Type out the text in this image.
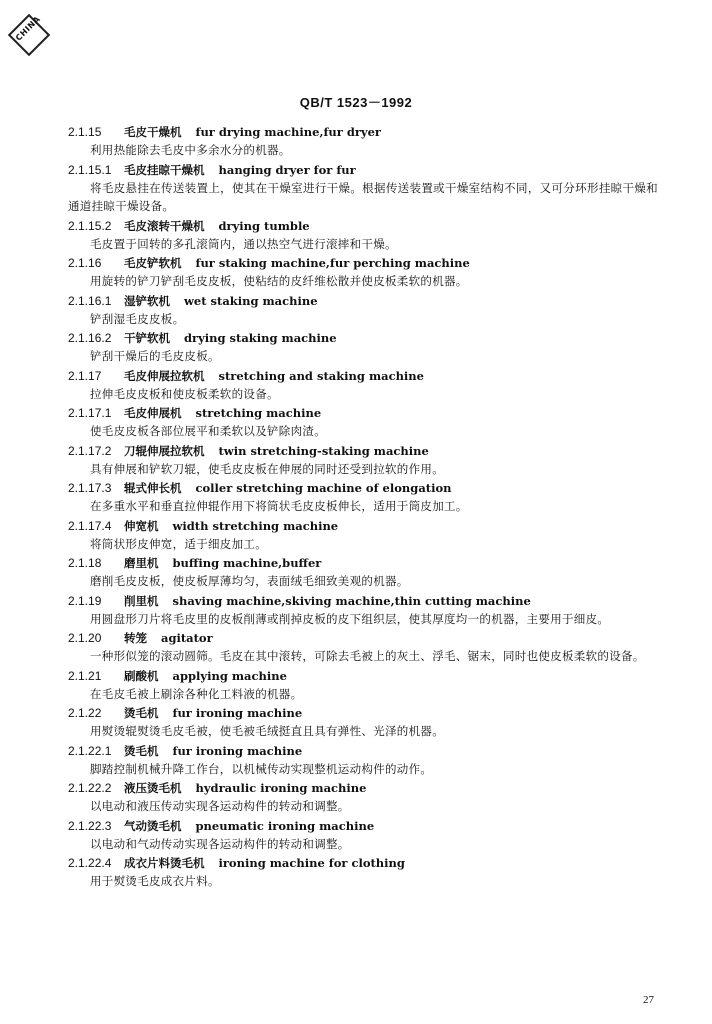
CHINA
QB/T 1523－1992
2.1.15 毛皮干燥机 fur drying machine,fur dryer
利用热能除去毛皮中多余水分的机器。
2.1.15.1 毛皮挂晾干燥机 hanging dryer for fur
将毛皮悬挂在传送装置上，使其在干燥室进行干燥。根据传送装置或干燥室结构不同，又可分环形挂晾干燥和通道挂晾干燥设备。
2.1.15.2 毛皮滚转干燥机 drying tumble
毛皮置于回转的多孔滚筒内，通以热空气进行滚摔和干燥。
2.1.16 毛皮铲软机 fur staking machine,fur perching machine
用旋转的铲刀铲刮毛皮皮板，使粘结的皮纤维松散并使皮板柔软的机器。
2.1.16.1 湿铲软机 wet staking machine
铲刮湿毛皮皮板。
2.1.16.2 干铲软机 drying staking machine
铲刮干燥后的毛皮皮板。
2.1.17 毛皮伸展拉软机 stretching and staking machine
拉伸毛皮皮板和使皮板柔软的设备。
2.1.17.1 毛皮伸展机 stretching machine
使毛皮皮板各部位展平和柔软以及铲除肉渣。
2.1.17.2 刀辊伸展拉软机 twin stretching-staking machine
具有伸展和铲软刀辊，使毛皮皮板在伸展的同时还受到拉软的作用。
2.1.17.3 辊式伸长机 coller stretching machine of elongation
在多重水平和垂直拉伸辊作用下将筒状毛皮皮板伸长，适用于筒皮加工。
2.1.17.4 伸宽机 width stretching machine
将筒状形皮伸宽，适于细皮加工。
2.1.18 磨里机 buffing machine,buffer
磨削毛皮皮板，使皮板厚薄均匀，表面绒毛细致美观的机器。
2.1.19 削里机 shaving machine,skiving machine,thin cutting machine
用圆盘形刀片将毛皮里的皮板削薄或削掉皮板的皮下组织层，使其厚度均一的机器，主要用于细皮。
2.1.20 转笼 agitator
一种形似笼的滚动圆筛。毛皮在其中滚转，可除去毛被上的灰土、浮毛、锯末，同时也使皮板柔软的设备。
2.1.21 刷酸机 applying machine
在毛皮毛被上刷涂各种化工料液的机器。
2.1.22 烫毛机 fur ironing machine
用熨烫辊熨烫毛皮毛被，使毛被毛绒挺直且具有弹性、光泽的机器。
2.1.22.1 烫毛机 fur ironing machine
脚踏控制机械升降工作台，以机械传动实现整机运动构件的动作。
2.1.22.2 液压烫毛机 hydraulic ironing machine
以电动和液压传动实现各运动构件的转动和调整。
2.1.22.3 气动烫毛机 pneumatic ironing machine
以电动和气动传动实现各运动构件的转动和调整。
2.1.22.4 成衣片料烫毛机 ironing machine for clothing
用于熨烫毛皮成衣片料。
27
